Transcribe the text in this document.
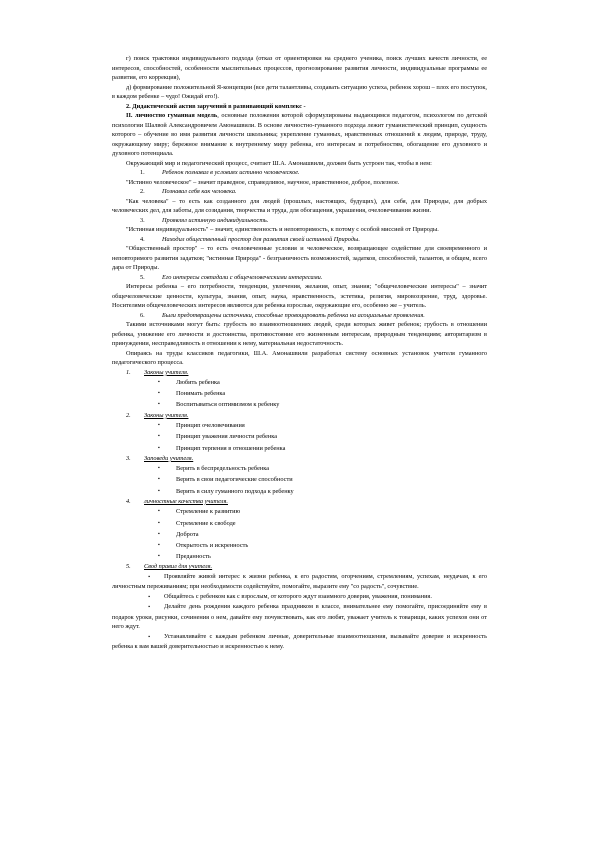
г) поиск трактовки индивидуального подхода (отказ от ориентировки на среднего ученика, поиск лучших качеств личности, ее интересов, способностей, особенности мыслительных процессов, прогнозирование развития личности, индивидуальные программы ее развития, его коррекция),

д) формирование положительной Я-концепции (все дети талантливы, создавать ситуацию успеха, ребенок хорош – плох его поступок, в каждом ребенке – чудо! Ожидай его!).

2. Дидактический актив заручений в развивающий комплекс -

II. личностно гуманная модель, основные положения которой сформулированы выдающимся педагогом, психологом по детской психологии Шалвой Александровичем Амонашвили. В основе личностно-гуманного подхода лежит гуманистический принцип, сущность которого – обучение во имя развития личности школьника; укрепление гуманных, нравственных отношений к людям, природе, труду, окружающему миру; бережное внимание к внутреннему миру ребенка, его интересам и потребностям, обогащение его духовного и духовного потенциала.

Окружающий мир и педагогический процесс, считает Ш.А. Амонашвили, должен быть устроен так, чтобы в нем:

1.	Ребенок познавал в условиях истинно человеческое.

"Истинно человеческое" – значит праведное, справедливое, научное, нравственное, доброе, полезное.

2.	Познавал себя как человека.

"Как человека" – то есть как созданного для людей (прошлых, настоящих, будущих), для себя, для Природы, для добрых человеческих дел, для заботы, для созидания, творчества и труда, для обогащения, украшения, очеловечивания жизни.

3.	Проявлял истинную индивидуальность.

"Истинная индивидуальность" – значит, единственность и неповторимость, к потому с особой миссией от Природы.

4.	Находил общественный простор для развития своей истинной Природы.

"Общественный простор" – то есть очеловеченные условия и человеческое, возвращающее содействие для своевременного и неповторимого развития задатков; "истинная Природа" - безграничность возможностей, задатков, способностей, талантов, и общем, всего дара от Природы.

5.	Его интересы совпадали с общечеловеческими интересами.

Интересы ребенка – его потребности, тенденции, увлечения, желания, опыт, знания; "общечеловеческие интересы" – значит общечеловеческие ценности, культура, знания, опыт, наука, нравственность, эстетика, религия, мировоззрение, труд, здоровье. Носителями общечеловеческих интересов являются для ребенка взрослые, окружающие его, особенно же – учитель.

6.	Были предотвращены источники, способные провоцировать ребенка на асоциальные проявления.

Такими источниками могут быть: грубость во взаимоотношениях людей, среди которых живет ребенок; грубость в отношении ребенка, унижение его личности и достоинства, противостояние его жизненным интересам, природным тенденциям; авторитаризм в принуждении, несправедливость в отношении к нему, материальная недостаточность.

Опираясь на труды классиков педагогики, Ш.А. Амонашвили разработал систему основных установок учителя гуманного педагогического процесса.

1.	Законы учителя.
▪	Любить ребенка
▪	Понимать ребенка
▪	Воспитываться оптимизмом к ребенку
2.	Законы учителя.
▪	Принцип очеловечивания
▪	Принцип уважения личности ребенка
▪	Принцип терпения в отношении ребенка
3.	Заповеди учителя.
▪	Верить в беспредельность ребенка
▪	Верить в свои педагогические способности
▪	Верить в силу гуманного подхода к ребенку
4.	личностные качества учителя.
▪	Стремление к развитию
▪	Стремление к свободе
▪	Доброта
▪	Открытость и искренность
▪	Преданность
5.	Свод правил для учителя.

▪ Проявляйте живой интерес к жизни ребенка, к его радостям, огорчениям, стремлениям, успехам, неудачам, к его личностным переживаниям; при необходимости содействуйте, помогайте, выразите ему "со радость", сочувствие.

▪ Общайтесь с ребенком как с взрослым, от которого ждут взаимного доверия, уважения, понимания.

▪ Делайте день рождения каждого ребенка праздником в классе, внимательнее ему помогайте, присоединяйте ему в подарок уроки, рисунки, сочинения о нем, давайте ему почувствовать, как его любят, уважает учитель к товарищи, каких успехов они от него ждут.

▪ Устанавливайте с каждым ребенком личные, доверительные взаимоотношения, вызывайте доверие и искренность ребенка к вам вашей доверительностью и искренностью к нему.
